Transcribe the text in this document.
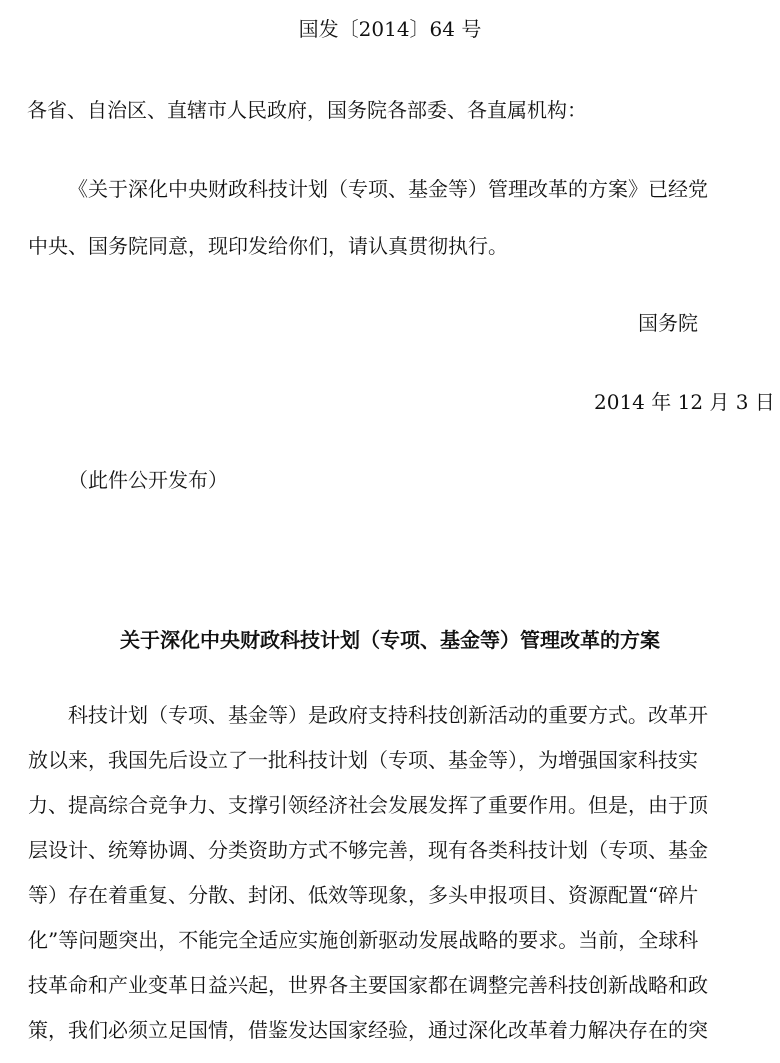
国发〔2014〕64 号
各省、自治区、直辖市人民政府，国务院各部委、各直属机构：
《关于深化中央财政科技计划（专项、基金等）管理改革的方案》已经党
中央、国务院同意，现印发给你们，请认真贯彻执行。
国务院
2014 年 12 月 3 日
（此件公开发布）
关于深化中央财政科技计划（专项、基金等）管理改革的方案
科技计划（专项、基金等）是政府支持科技创新活动的重要方式。改革开
放以来，我国先后设立了一批科技计划（专项、基金等），为增强国家科技实
力、提高综合竞争力、支撑引领经济社会发展发挥了重要作用。但是，由于顶
层设计、统筹协调、分类资助方式不够完善，现有各类科技计划（专项、基金
等）存在着重复、分散、封闭、低效等现象，多头申报项目、资源配置“碎片
化”等问题突出，不能完全适应实施创新驱动发展战略的要求。当前，全球科
技革命和产业变革日益兴起，世界各主要国家都在调整完善科技创新战略和政
策，我们必须立足国情，借鉴发达国家经验，通过深化改革着力解决存在的突
